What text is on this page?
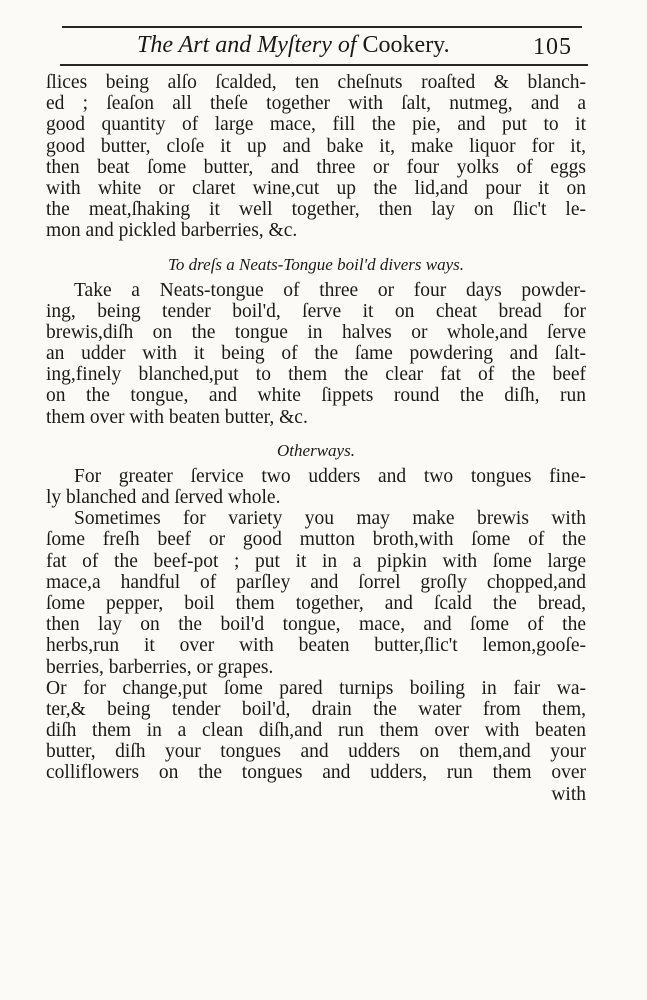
The Art and Myſtery of Cookery.	105
ſlices being alſo ſcalded, ten cheſnuts roaſted & blanch-
ed ; ſeaſon all theſe together with ſalt, nutmeg, and a
good quantity of large mace, fill the pie, and put to it
good butter, cloſe it up and bake it, make liquor for it,
then beat ſome butter, and three or four yolks of eggs
with white or claret wine,cut up the lid,and pour it on
the meat,ſhaking it well together, then lay on ſlic't le-
mon and pickled barberries, &c.
To dreſs a Neats-Tongue boil'd divers ways.
Take a Neats-tongue of three or four days powder-
ing, being tender boil'd, ſerve it on cheat bread for
brewis,diſh on the tongue in halves or whole,and ſerve
an udder with it being of the ſame powdering and ſalt-
ing,finely blanched,put to them the clear fat of the beef
on the tongue, and white ſippets round the diſh, run
them over with beaten butter, &c.
Otherways.
For greater ſervice two udders and two tongues fine-
ly blanched and ſerved whole.
Sometimes for variety you may make brewis with
ſome freſh beef or good mutton broth,with ſome of the
fat of the beef-pot ; put it in a pipkin with ſome large
mace,a handful of parſley and ſorrel groſly chopped,and
ſome pepper, boil them together, and ſcald the bread,
then lay on the boil'd tongue, mace, and ſome of the
herbs,run it over with beaten butter,ſlic't lemon,gooſe-
berries, barberries, or grapes.
Or for change,put ſome pared turnips boiling in fair wa-
ter,& being tender boil'd, drain the water from them,
diſh them in a clean diſh,and run them over with beaten
butter, diſh your tongues and udders on them,and your
colliflowers on the tongues and udders, run them over
with
